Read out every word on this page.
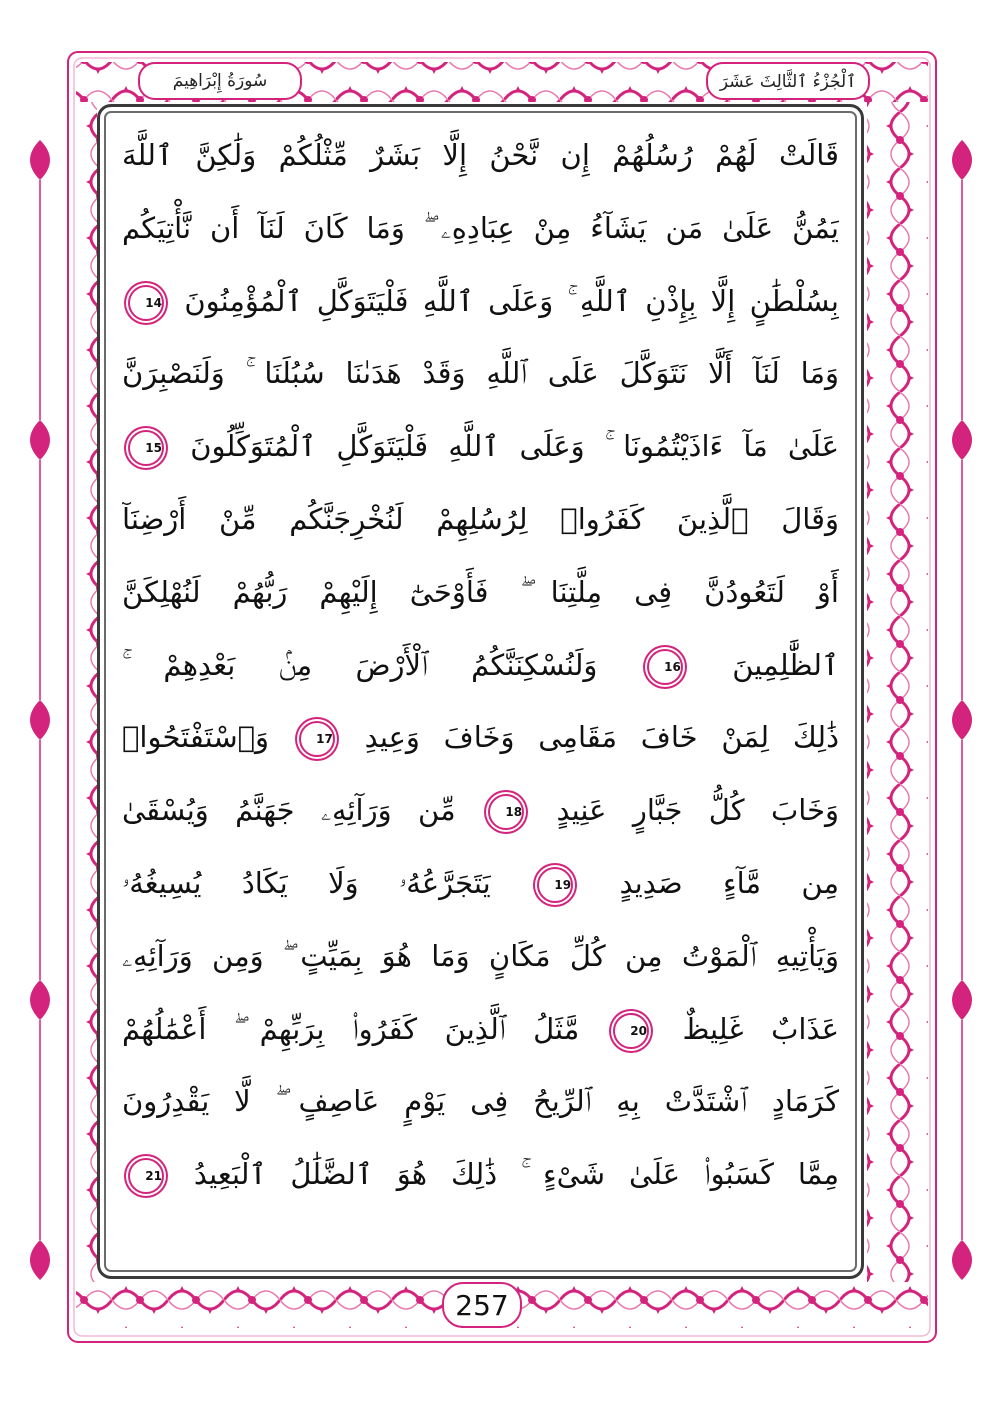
ٱلْجُزْءُ ٱلثَّالِثَ عَشَرَ
سُورَةُ إِبْرَاهِيمَ
قَالَتْ لَهُمْ رُسُلُهُمْ إِن نَّحْنُ إِلَّا بَشَرٌ مِّثْلُكُمْ وَلَٰكِنَّ ٱللَّهَ
يَمُنُّ عَلَىٰ مَن يَشَآءُ مِنْ عِبَادِهِۦ ۖ وَمَا كَانَ لَنَآ أَن نَّأْتِيَكُم
بِسُلْطَٰنٍ إِلَّا بِإِذْنِ ٱللَّهِ ۚ وَعَلَى ٱللَّهِ فَلْيَتَوَكَّلِ ٱلْمُؤْمِنُونَ 14
وَمَا لَنَآ أَلَّا نَتَوَكَّلَ عَلَى ٱللَّهِ وَقَدْ هَدَىٰنَا سُبُلَنَا ۚ وَلَنَصْبِرَنَّ
عَلَىٰ مَآ ءَاذَيْتُمُونَا ۚ وَعَلَى ٱللَّهِ فَلْيَتَوَكَّلِ ٱلْمُتَوَكِّلُونَ 15
وَقَالَ ٱلَّذِينَ كَفَرُوا۟ لِرُسُلِهِمْ لَنُخْرِجَنَّكُم مِّنْ أَرْضِنَآ
أَوْ لَتَعُودُنَّ فِى مِلَّتِنَا ۖ فَأَوْحَىٰٓ إِلَيْهِمْ رَبُّهُمْ لَنُهْلِكَنَّ
ٱلظَّٰلِمِينَ 16 وَلَنُسْكِنَنَّكُمُ ٱلْأَرْضَ مِنۢ بَعْدِهِمْ ۚ
ذَٰلِكَ لِمَنْ خَافَ مَقَامِى وَخَافَ وَعِيدِ 17 وَٱسْتَفْتَحُوا۟
وَخَابَ كُلُّ جَبَّارٍ عَنِيدٍ 18 مِّن وَرَآئِهِۦ جَهَنَّمُ وَيُسْقَىٰ
مِن مَّآءٍ صَدِيدٍ 19 يَتَجَرَّعُهُۥ وَلَا يَكَادُ يُسِيغُهُۥ
وَيَأْتِيهِ ٱلْمَوْتُ مِن كُلِّ مَكَانٍ وَمَا هُوَ بِمَيِّتٍ ۖ وَمِن وَرَآئِهِۦ
عَذَابٌ غَلِيظٌ 20 مَّثَلُ ٱلَّذِينَ كَفَرُوا۟ بِرَبِّهِمْ ۖ أَعْمَٰلُهُمْ
كَرَمَادٍ ٱشْتَدَّتْ بِهِ ٱلرِّيحُ فِى يَوْمٍ عَاصِفٍ ۖ لَّا يَقْدِرُونَ
مِمَّا كَسَبُوا۟ عَلَىٰ شَىْءٍ ۚ ذَٰلِكَ هُوَ ٱلضَّلَٰلُ ٱلْبَعِيدُ 21
257
